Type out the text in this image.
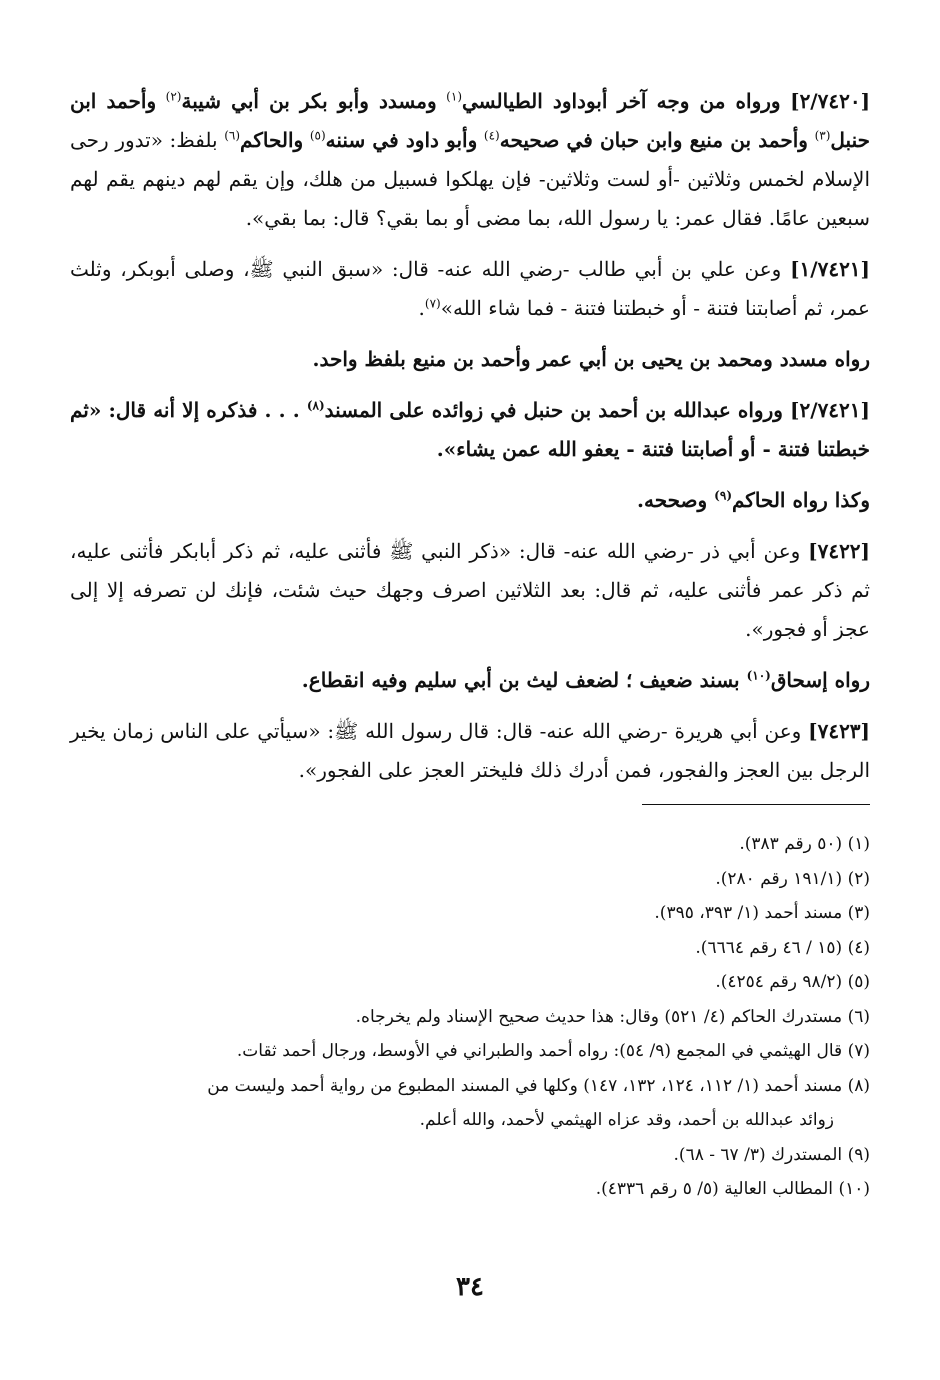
[٢/٧٤٢٠] ورواه من وجه آخر أبوداود الطيالسي$^{(١)}$ ومسدد وأبو بكر بن أبي شيبة$^{(٢)}$ وأحمد ابن حنبل$^{(٣)}$ وأحمد بن منيع وابن حبان في صحيحه$^{(٤)}$ وأبو داود في سننه$^{(٥)}$ والحاكم$^{(٦)}$ بلفظ: «تدور رحى الإسلام لخمس وثلاثين -أو لست وثلاثين- فإن يهلكوا فسبيل من هلك، وإن يقم لهم دينهم يقم لهم سبعين عامًا. فقال عمر: يا رسول الله، بما مضى أو بما بقي؟ قال: بما بقي».

[١/٧٤٢١] وعن علي بن أبي طالب -رضي الله عنه- قال: «سبق النبي ﷺ، وصلى أبوبكر، وثلث عمر، ثم أصابتنا فتنة - أو خبطتنا فتنة - فما شاء الله»$^{(٧)}$.

رواه مسدد ومحمد بن يحيى بن أبي عمر وأحمد بن منيع بلفظ واحد.

[٢/٧٤٢١] ورواه عبدالله بن أحمد بن حنبل في زوائده على المسند$^{(٨)}$ . . . فذكره إلا أنه قال: «ثم خبطتنا فتنة - أو أصابتنا فتنة - يعفو الله عمن يشاء».

وكذا رواه الحاكم$^{(٩)}$ وصححه.

[٧٤٢٢] وعن أبي ذر -رضي الله عنه- قال: «ذكر النبي ﷺ فأثنى عليه، ثم ذكر أبابكر فأثنى عليه، ثم ذكر عمر فأثنى عليه، ثم قال: بعد الثلاثين اصرف وجهك حيث شئت، فإنك لن تصرفه إلا إلى عجز أو فجور».

رواه إسحاق$^{(١٠)}$ بسند ضعيف ؛ لضعف ليث بن أبي سليم وفيه انقطاع.

[٧٤٢٣] وعن أبي هريرة -رضي الله عنه- قال: قال رسول الله ﷺ: «سيأتي على الناس زمان يخير الرجل بين العجز والفجور، فمن أدرك ذلك فليختر العجز على الفجور».

(١) (٥٠ رقم ٣٨٣).
(٢) (١٩١/١ رقم ٢٨٠).
(٣) مسند أحمد (١/ ٣٩٣، ٣٩٥).
(٤) (١٥ / ٤٦ رقم ٦٦٦٤).
(٥) (٩٨/٢ رقم ٤٢٥٤).
(٦) مستدرك الحاكم (٤/ ٥٢١) وقال: هذا حديث صحيح الإسناد ولم يخرجاه.
(٧) قال الهيثمي في المجمع (٩/ ٥٤): رواه أحمد والطبراني في الأوسط، ورجال أحمد ثقات.
(٨) مسند أحمد (١/ ١١٢، ١٢٤، ١٣٢، ١٤٧) وكلها في المسند المطبوع من رواية أحمد وليست من
زوائد عبدالله بن أحمد، وقد عزاه الهيثمي لأحمد، والله أعلم.
(٩) المستدرك (٣/ ٦٧ - ٦٨).
(١٠) المطالب العالية (٥/ ٥ رقم ٤٣٣٦).
٣٤
